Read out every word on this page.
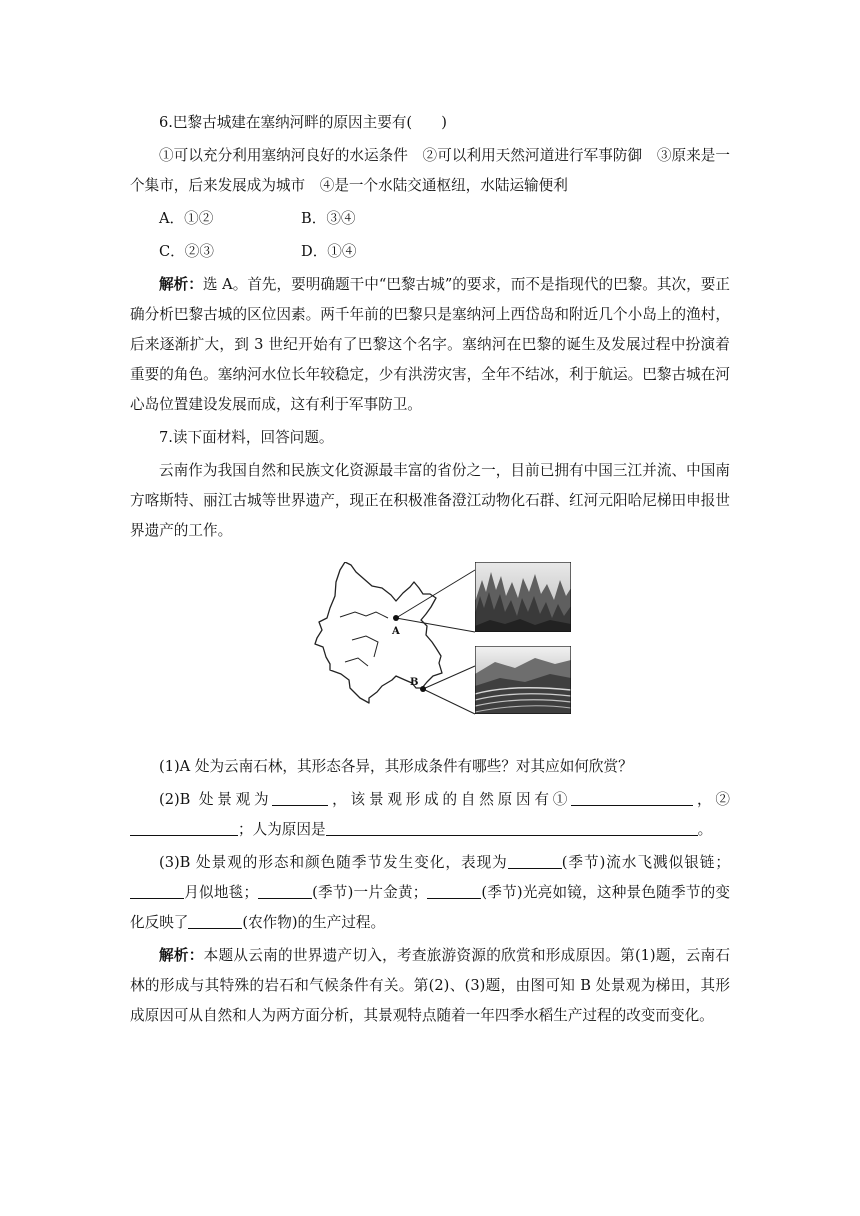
6.巴黎古城建在塞纳河畔的原因主要有(　　)

①可以充分利用塞纳河良好的水运条件　②可以利用天然河道进行军事防御　③原来是一个集市，后来发展成为城市　④是一个水陆交通枢纽，水陆运输便利

A．①②	B．③④
C．②③	D．①④

解析：选 A。首先，要明确题干中“巴黎古城”的要求，而不是指现代的巴黎。其次，要正确分析巴黎古城的区位因素。两千年前的巴黎只是塞纳河上西岱岛和附近几个小岛上的渔村，后来逐渐扩大，到 3 世纪开始有了巴黎这个名字。塞纳河在巴黎的诞生及发展过程中扮演着重要的角色。塞纳河水位长年较稳定，少有洪涝灾害，全年不结冰，利于航运。巴黎古城在河心岛位置建设发展而成，这有利于军事防卫。

7.读下面材料，回答问题。

云南作为我国自然和民族文化资源最丰富的省份之一，目前已拥有中国三江并流、中国南方喀斯特、丽江古城等世界遗产，现正在积极准备澄江动物化石群、红河元阳哈尼梯田申报世界遗产的工作。

A
B

(1)A 处为云南石林，其形态各异，其形成条件有哪些？对其应如何欣赏？

(2)B 处景观为	，该景观形成的自然原因有①	，②；人为原因是	。

(3)B 处景观的形态和颜色随季节发生变化，表现为	(季节)流水飞溅似银链；月似地毯；	(季节)一片金黄；	(季节)光亮如镜，这种景色随季节的变化反映了	(农作物)的生产过程。

解析：本题从云南的世界遗产切入，考查旅游资源的欣赏和形成原因。第(1)题，云南石林的形成与其特殊的岩石和气候条件有关。第(2)、(3)题，由图可知 B 处景观为梯田，其形成原因可从自然和人为两方面分析，其景观特点随着一年四季水稻生产过程的改变而变化。
